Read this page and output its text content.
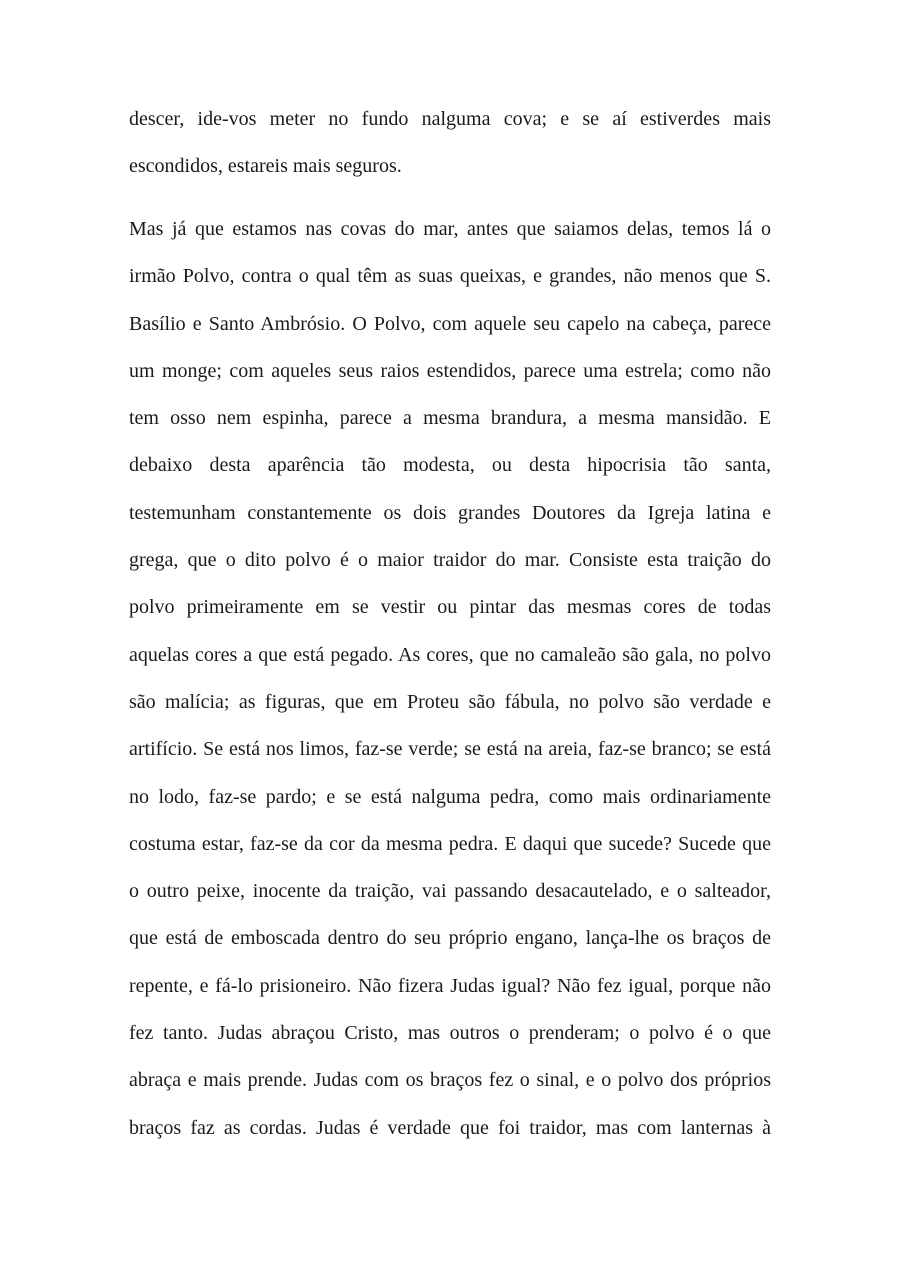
descer, ide-vos meter no fundo nalguma cova; e se aí estiverdes mais
escondidos, estareis mais seguros.
Mas já que estamos nas covas do mar, antes que saiamos delas, temos lá o
irmão Polvo, contra o qual têm as suas queixas, e grandes, não menos que S.
Basílio e Santo Ambrósio. O Polvo, com aquele seu capelo na cabeça, parece
um monge; com aqueles seus raios estendidos, parece uma estrela; como não
tem osso nem espinha, parece a mesma brandura, a mesma mansidão. E
debaixo desta aparência tão modesta, ou desta hipocrisia tão santa,
testemunham constantemente os dois grandes Doutores da Igreja latina e
grega, que o dito polvo é o maior traidor do mar. Consiste esta traição do
polvo primeiramente em se vestir ou pintar das mesmas cores de todas
aquelas cores a que está pegado. As cores, que no camaleão são gala, no polvo
são malícia; as figuras, que em Proteu são fábula, no polvo são verdade e
artifício. Se está nos limos, faz-se verde; se está na areia, faz-se branco; se está
no lodo, faz-se pardo; e se está nalguma pedra, como mais ordinariamente
costuma estar, faz-se da cor da mesma pedra. E daqui que sucede? Sucede que
o outro peixe, inocente da traição, vai passando desacautelado, e o salteador,
que está de emboscada dentro do seu próprio engano, lança-lhe os braços de
repente, e fá-lo prisioneiro. Não fizera Judas igual? Não fez igual, porque não
fez tanto. Judas abraçou Cristo, mas outros o prenderam; o polvo é o que
abraça e mais prende. Judas com os braços fez o sinal, e o polvo dos próprios
braços faz as cordas. Judas é verdade que foi traidor, mas com lanternas à
